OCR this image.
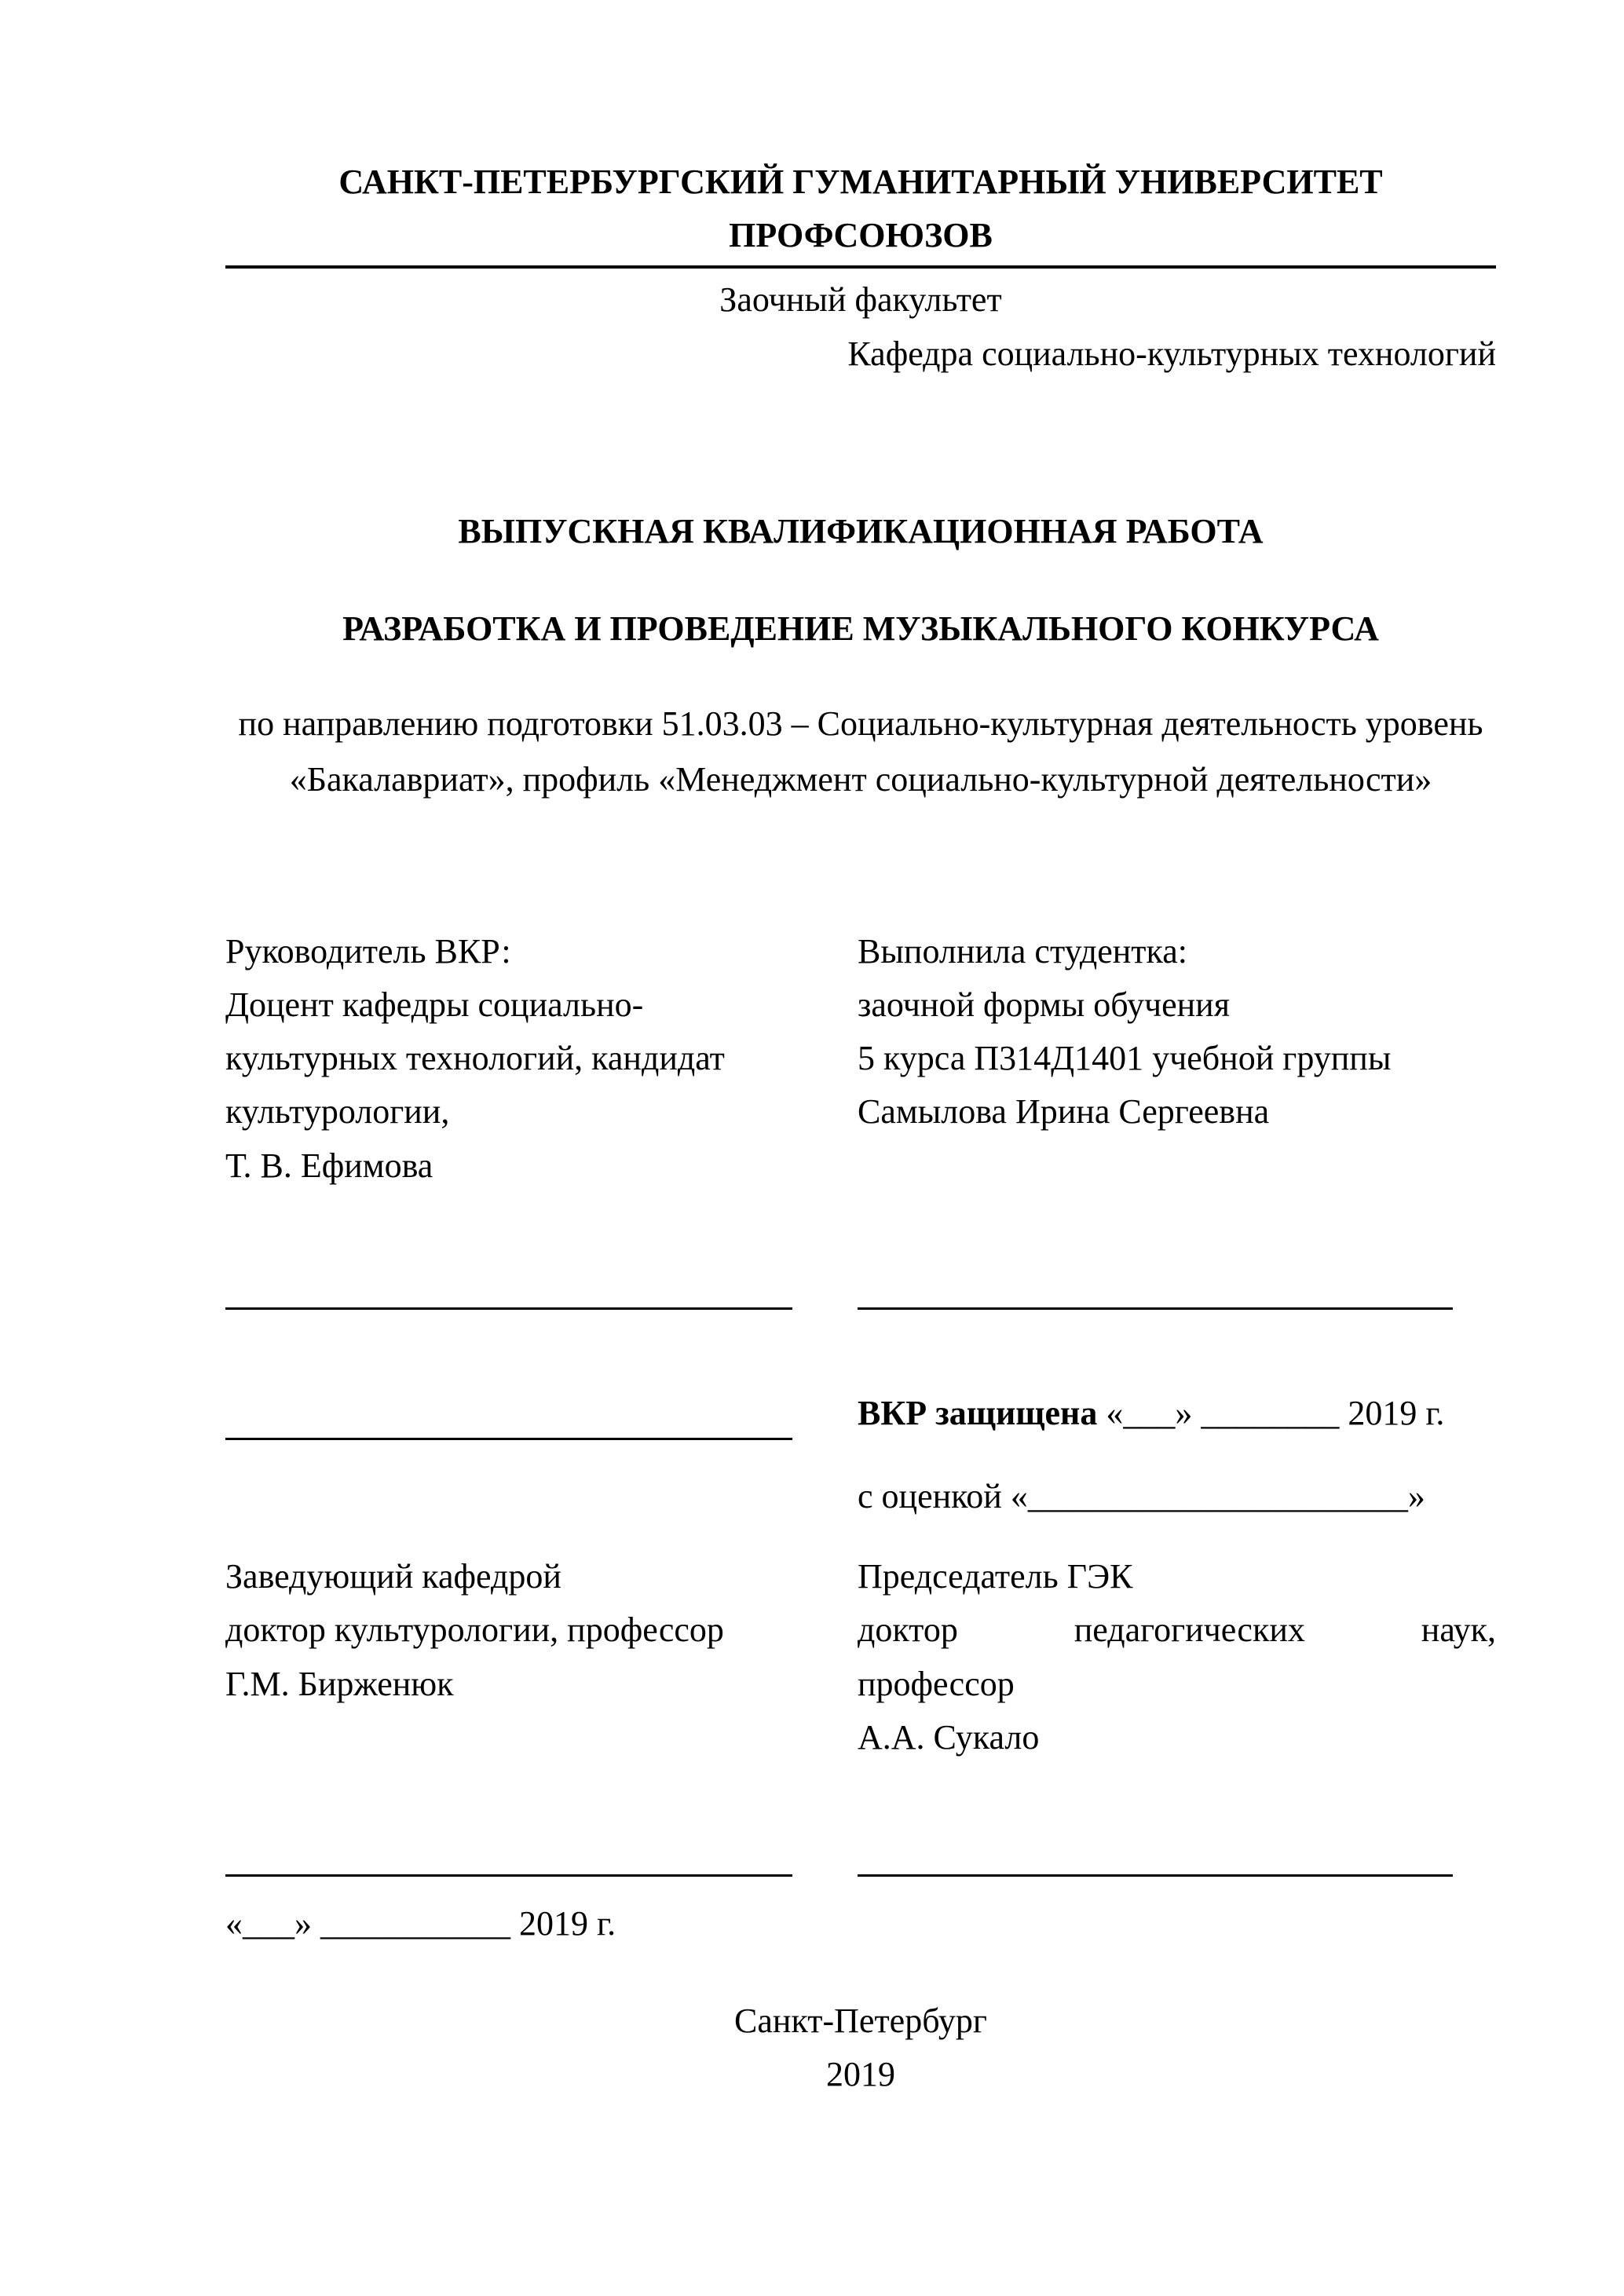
САНКТ-ПЕТЕРБУРГСКИЙ ГУМАНИТАРНЫЙ УНИВЕРСИТЕТ ПРОФСОЮЗОВ
Заочный факультет
Кафедра социально-культурных технологий
ВЫПУСКНАЯ КВАЛИФИКАЦИОННАЯ РАБОТА
РАЗРАБОТКА И ПРОВЕДЕНИЕ МУЗЫКАЛЬНОГО КОНКУРСА
по направлению подготовки 51.03.03 – Социально-культурная деятельность уровень «Бакалавриат», профиль «Менеджмент социально-культурной деятельности»
Руководитель ВКР:
Доцент кафедры социально-культурных технологий, кандидат культурологии,
Т. В. Ефимова
Выполнила студентка:
заочной формы обучения
5 курса П314Д1401 учебной группы
Самылова Ирина Сергеевна
ВКР защищена «___» ________ 2019 г.
с оценкой «______________________»
Заведующий кафедрой
доктор культурологии, профессор
Г.М. Бирженюк
Председатель ГЭК
доктор педагогических наук,
профессор
А.А. Сукало
«___» ___________ 2019 г.
Санкт-Петербург
2019
